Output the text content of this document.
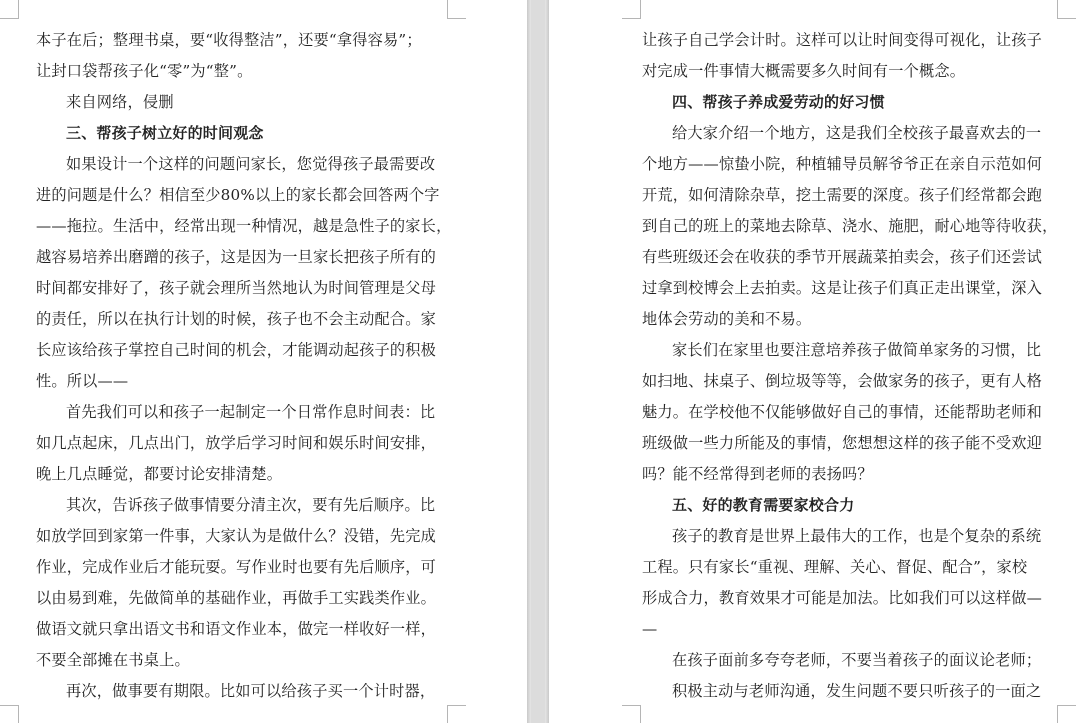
本子在后；整理书桌，要“收得整洁”，还要“拿得容易”；
让封口袋帮孩子化“零”为“整”。
来自网络，侵删
三、帮孩子树立好的时间观念
如果设计一个这样的问题问家长，您觉得孩子最需要改
进的问题是什么？相信至少80%以上的家长都会回答两个字
——拖拉。生活中，经常出现一种情况，越是急性子的家长，
越容易培养出磨蹭的孩子，这是因为一旦家长把孩子所有的
时间都安排好了，孩子就会理所当然地认为时间管理是父母
的责任，所以在执行计划的时候，孩子也不会主动配合。家
长应该给孩子掌控自己时间的机会，才能调动起孩子的积极
性。所以——
首先我们可以和孩子一起制定一个日常作息时间表：比
如几点起床，几点出门，放学后学习时间和娱乐时间安排，
晚上几点睡觉，都要讨论安排清楚。
其次，告诉孩子做事情要分清主次，要有先后顺序。比
如放学回到家第一件事，大家认为是做什么？没错，先完成
作业，完成作业后才能玩耍。写作业时也要有先后顺序，可
以由易到难，先做简单的基础作业，再做手工实践类作业。
做语文就只拿出语文书和语文作业本，做完一样收好一样，
不要全部摊在书桌上。
再次，做事要有期限。比如可以给孩子买一个计时器，
让孩子自己学会计时。这样可以让时间变得可视化，让孩子
对完成一件事情大概需要多久时间有一个概念。
四、帮孩子养成爱劳动的好习惯
给大家介绍一个地方，这是我们全校孩子最喜欢去的一
个地方——惊蛰小院，种植辅导员解爷爷正在亲自示范如何
开荒，如何清除杂草，挖土需要的深度。孩子们经常都会跑
到自己的班上的菜地去除草、浇水、施肥，耐心地等待收获，
有些班级还会在收获的季节开展蔬菜拍卖会，孩子们还尝试
过拿到校博会上去拍卖。这是让孩子们真正走出课堂，深入
地体会劳动的美和不易。
家长们在家里也要注意培养孩子做简单家务的习惯，比
如扫地、抹桌子、倒垃圾等等，会做家务的孩子，更有人格
魅力。在学校他不仅能够做好自己的事情，还能帮助老师和
班级做一些力所能及的事情，您想想这样的孩子能不受欢迎
吗？能不经常得到老师的表扬吗？
五、好的教育需要家校合力
孩子的教育是世界上最伟大的工作，也是个复杂的系统
工程。只有家长“重视、理解、关心、督促、配合”，家校
形成合力，教育效果才可能是加法。比如我们可以这样做—
—
在孩子面前多夸夸老师，不要当着孩子的面议论老师；
积极主动与老师沟通，发生问题不要只听孩子的一面之
